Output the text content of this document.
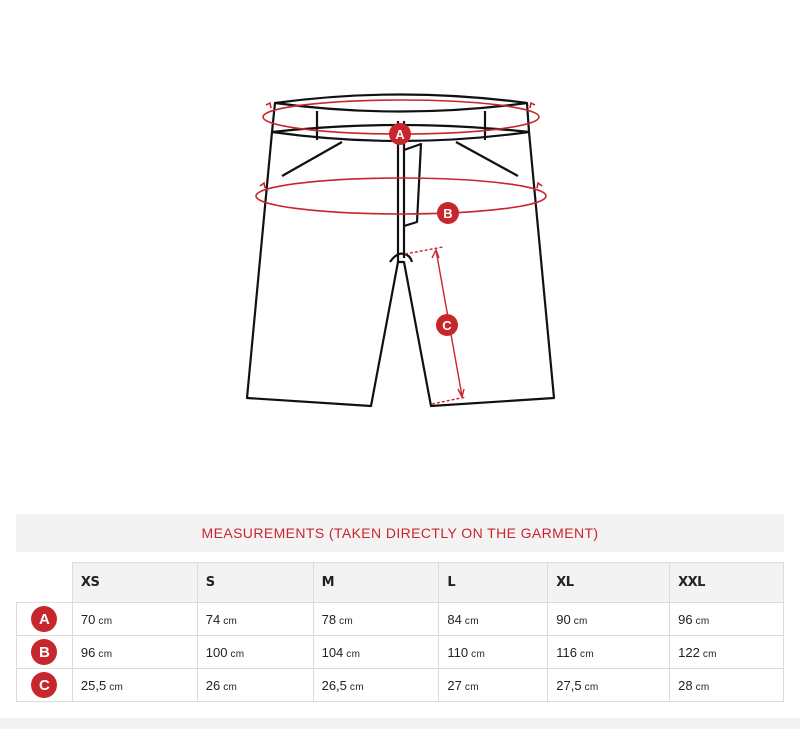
A
B
C
MEASUREMENTS (TAKEN DIRECTLY ON THE GARMENT)
	XS	S	M	L	XL	XXL
A	70 cm	74 cm	78 cm	84 cm	90 cm	96 cm
B	96 cm	100 cm	104 cm	110 cm	116 cm	122 cm
C	25,5 cm	26 cm	26,5 cm	27 cm	27,5 cm	28 cm
